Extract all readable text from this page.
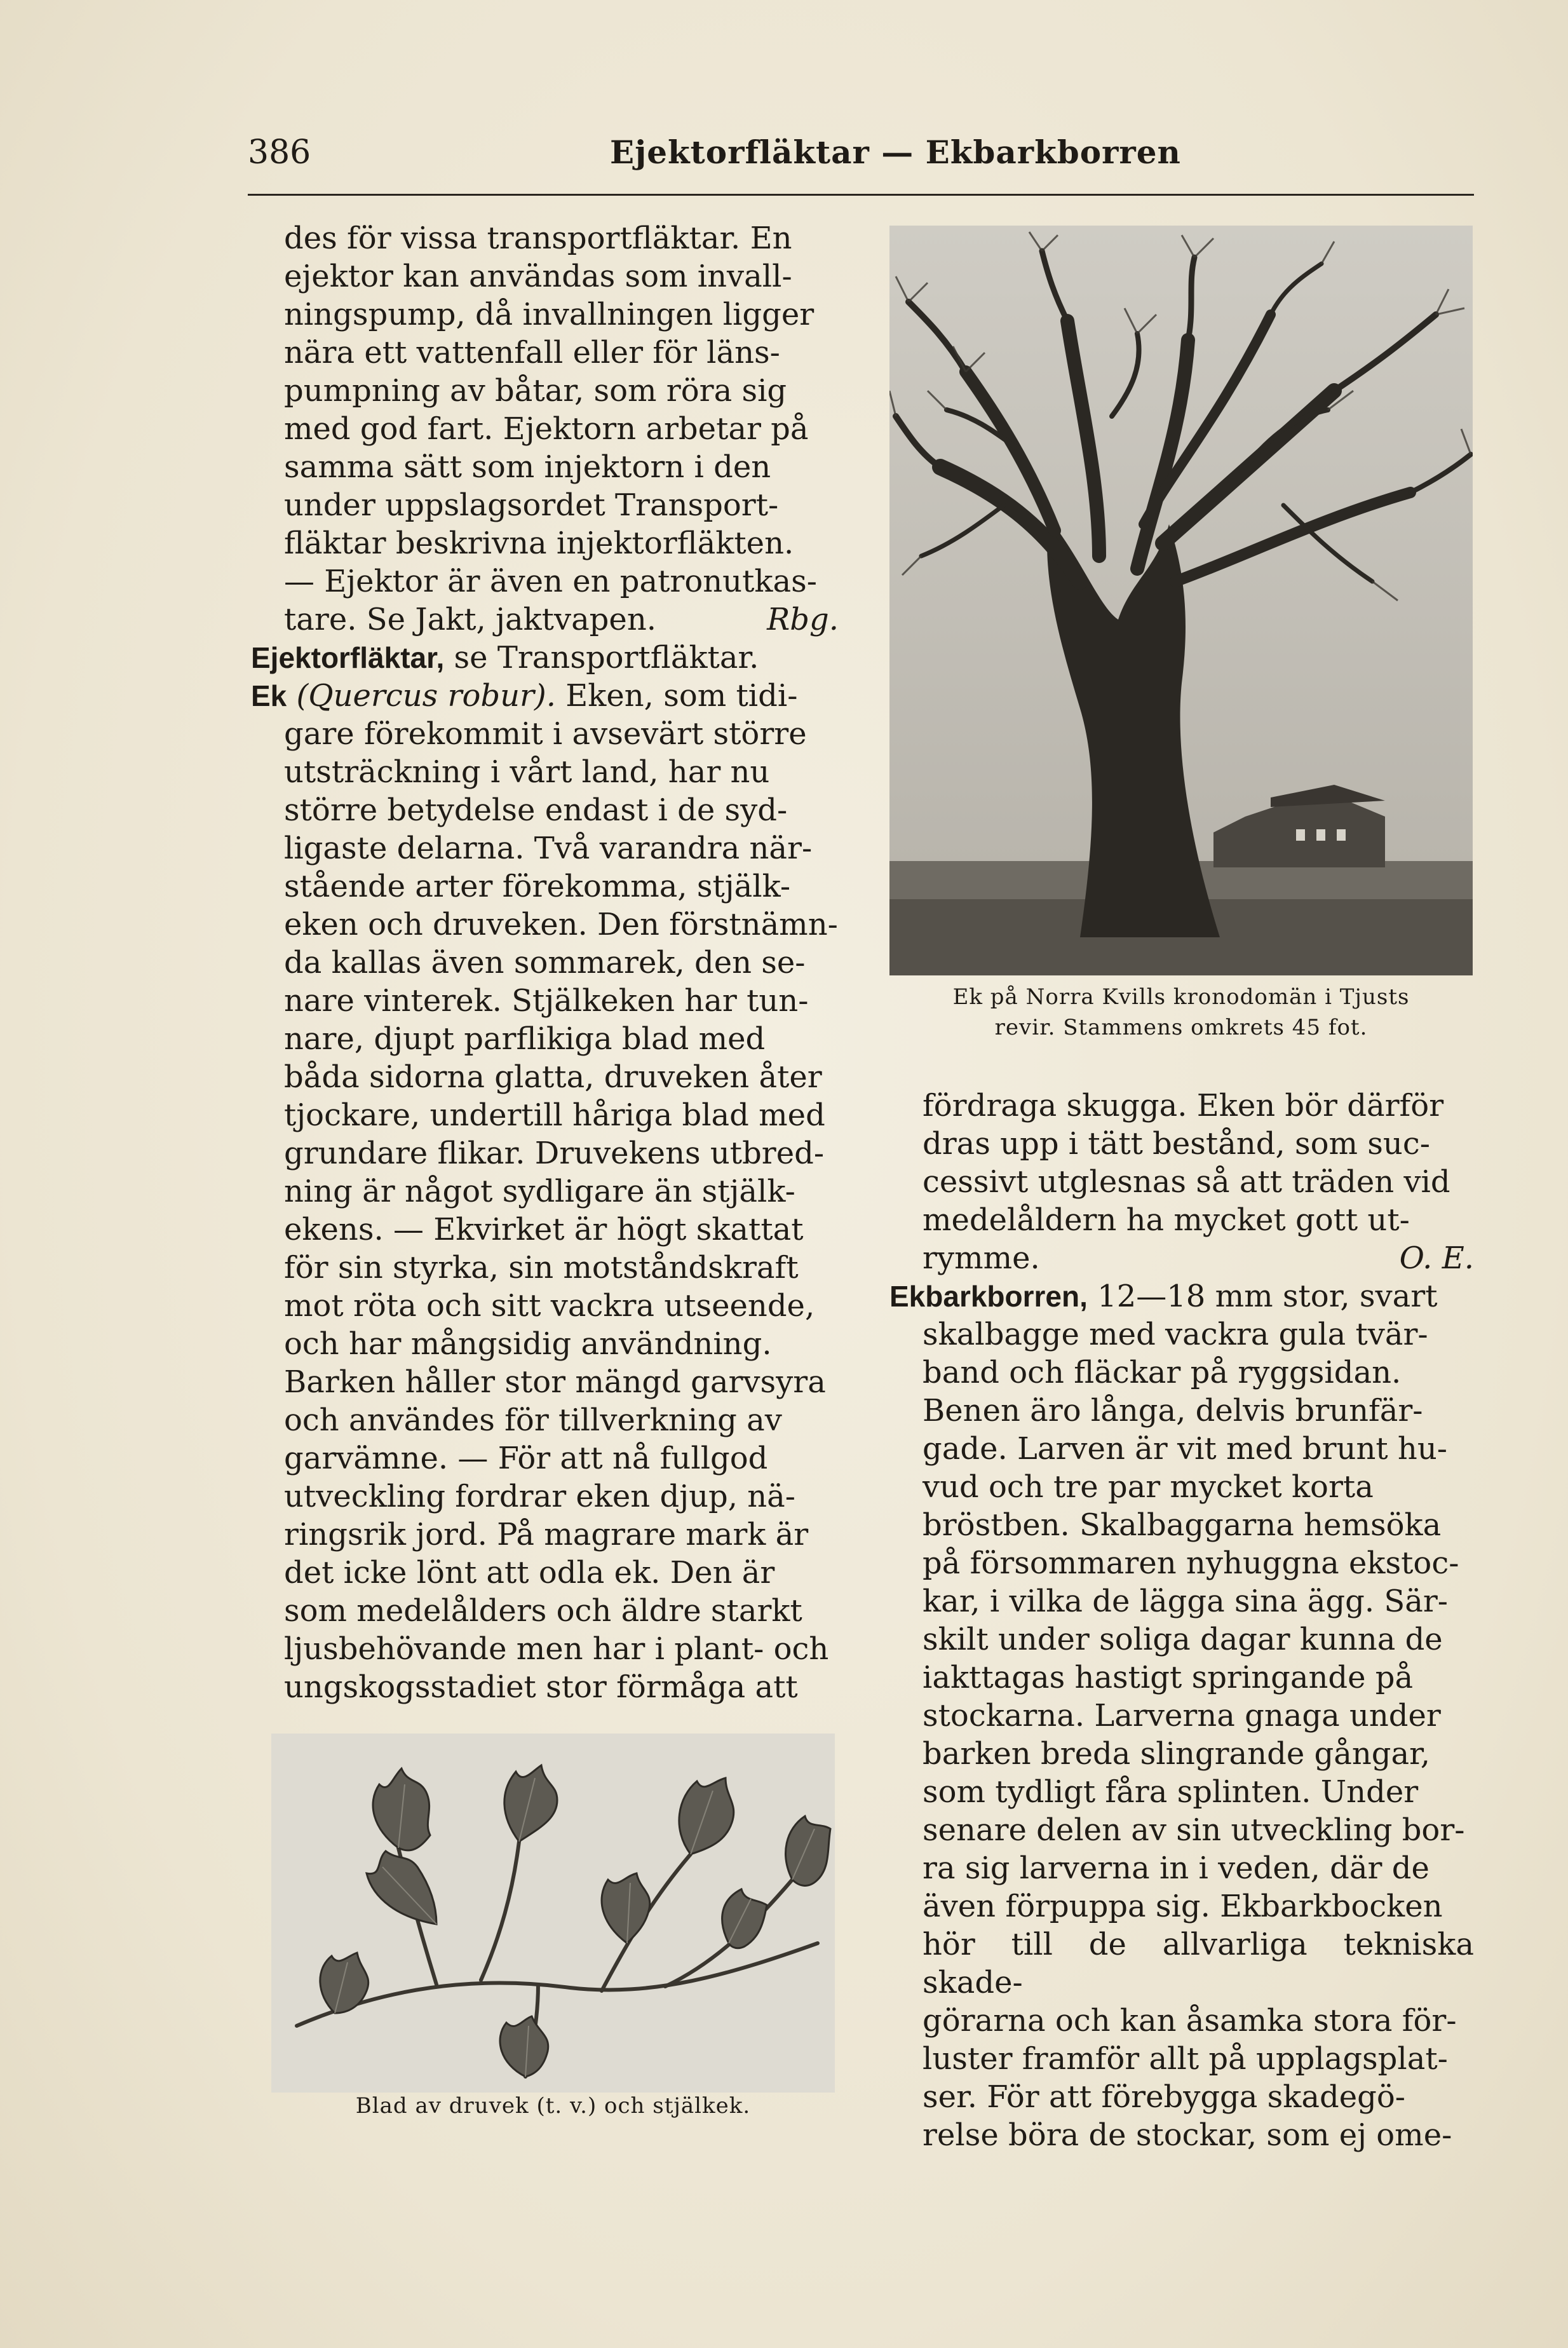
386	Ejektorfläktar — Ekbarkborren

des för vissa transportfläktar. En

ejektor kan användas som invall-

ningspump, då invallningen ligger

nära ett vattenfall eller för läns-

pumpning av båtar, som röra sig

med god fart. Ejektorn arbetar på

samma sätt som injektorn i den

under uppslagsordet Transport-

fläktar beskrivna injektorfläkten.

— Ejektor är även en patronutkas-

tare. Se Jakt, jaktvapen.	Rbg.

Ejektorfläktar, se Transportfläktar.

Ek (Quercus robur). Eken, som tidi-

gare förekommit i avsevärt större

utsträckning i vårt land, har nu

större betydelse endast i de syd-

ligaste delarna. Två varandra när-

stående arter förekomma, stjälk-

eken och druveken. Den förstnämn-

da kallas även sommarek, den se-

nare vinterek. Stjälkeken har tun-

nare, djupt parflikiga blad med

båda sidorna glatta, druveken åter

tjockare, undertill håriga blad med

grundare flikar. Druvekens utbred-

ning är något sydligare än stjälk-

ekens. — Ekvirket är högt skattat

för sin styrka, sin motståndskraft

mot röta och sitt vackra utseende,

och har mångsidig användning.

Barken håller stor mängd garvsyra

och användes för tillverkning av

garvämne. — För att nå fullgod

utveckling fordrar eken djup, nä-

ringsrik jord. På magrare mark är

det icke lönt att odla ek. Den är

som medelålders och äldre starkt

ljusbehövande men har i plant- och

ungskogsstadiet stor förmåga att

Ek på Norra Kvills kronodomän i Tjusts
revir. Stammens omkrets 45 fot.

fördraga skugga. Eken bör därför

dras upp i tätt bestånd, som suc-

cessivt utglesnas så att träden vid

medelåldern ha mycket gott ut-

rymme.	O. E.

Ekbarkborren, 12—18 mm stor, svart

skalbagge med vackra gula tvär-

band och fläckar på ryggsidan.

Benen äro långa, delvis brunfär-

gade. Larven är vit med brunt hu-

vud och tre par mycket korta

bröstben. Skalbaggarna hemsöka

på försommaren nyhuggna ekstoc-

kar, i vilka de lägga sina ägg. Sär-

skilt under soliga dagar kunna de

iakttagas hastigt springande på

stockarna. Larverna gnaga under

barken breda slingrande gångar,

som tydligt fåra splinten. Under

senare delen av sin utveckling bor-

ra sig larverna in i veden, där de

även förpuppa sig. Ekbarkbocken

hör till de allvarliga tekniska skade-

görarna och kan åsamka stora för-

luster framför allt på upplagsplat-

ser. För att förebygga skadegö-

relse böra de stockar, som ej ome-

Blad av druvek (t. v.) och stjälkek.
